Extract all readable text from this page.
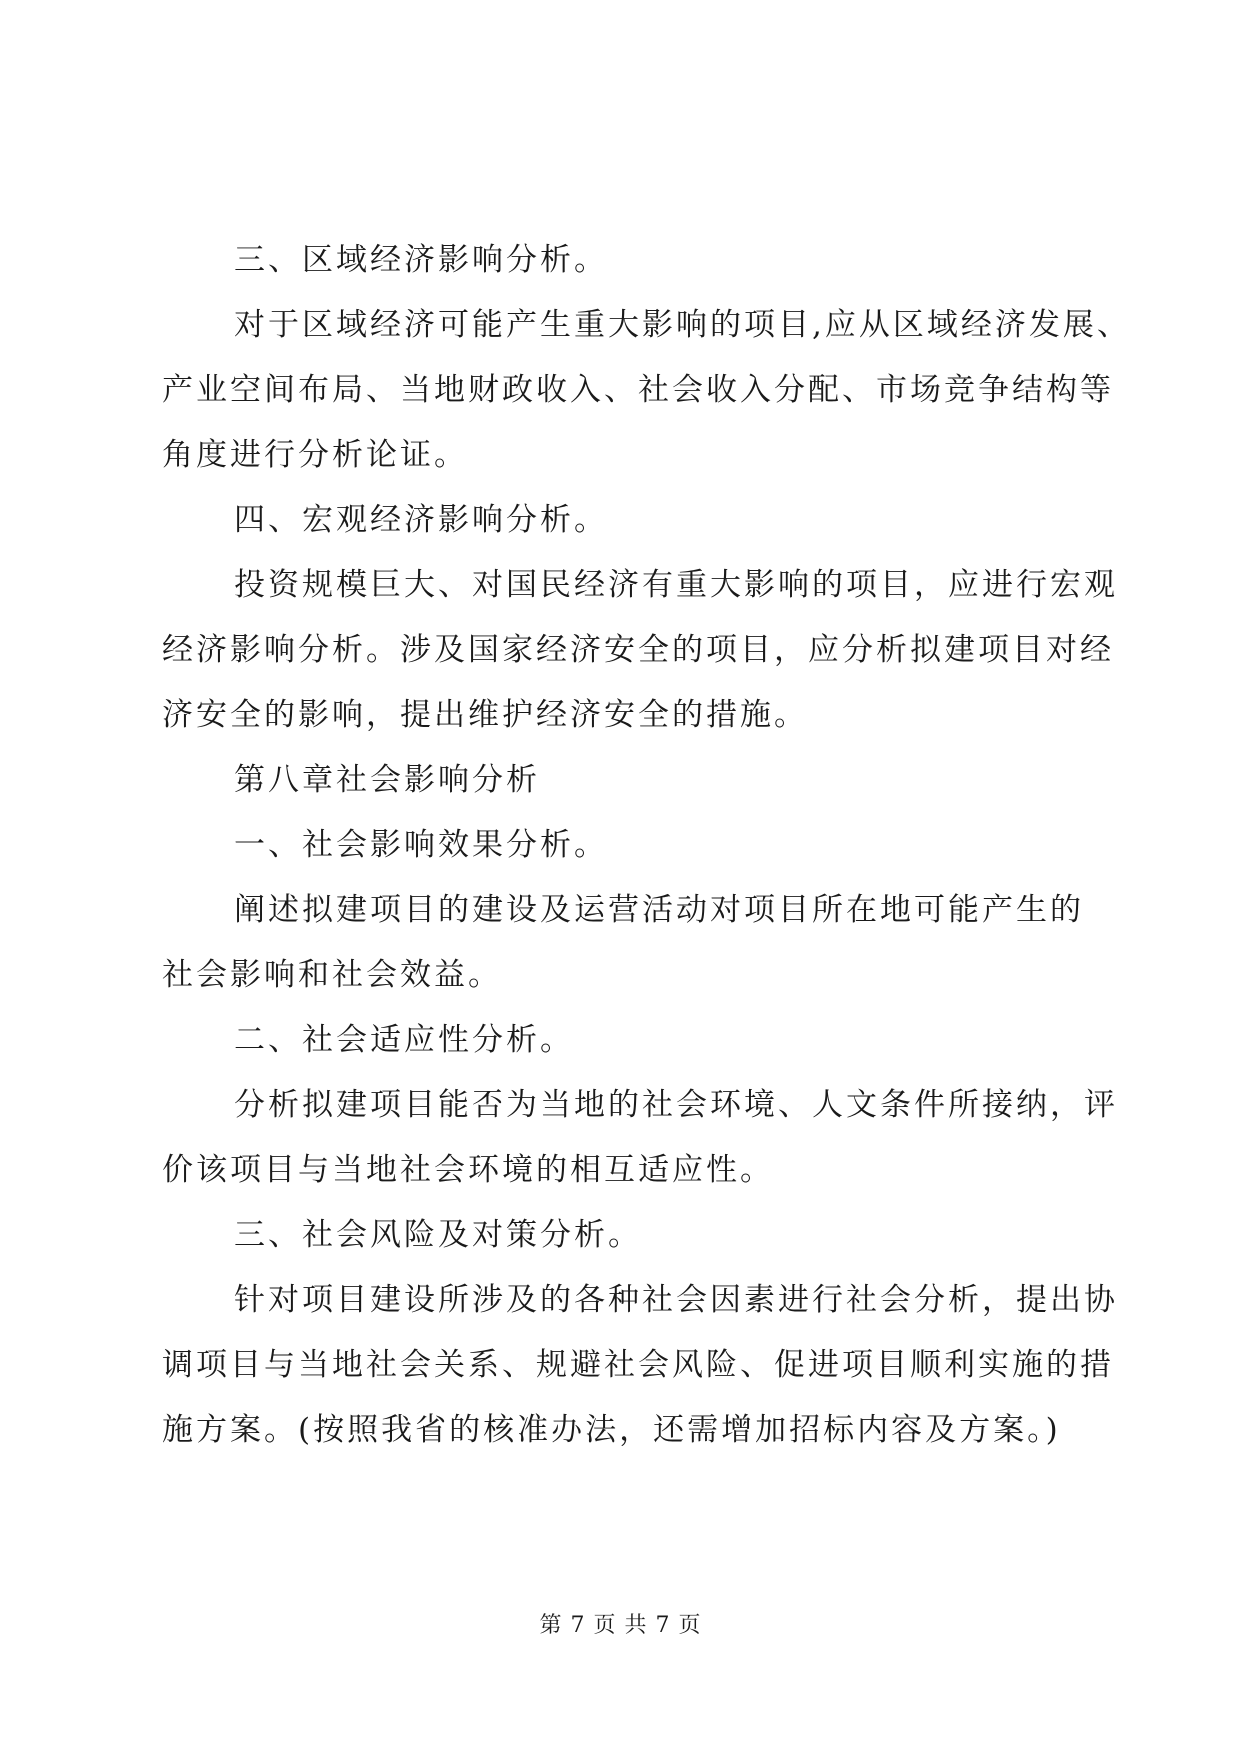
三、区域经济影响分析。

对于区域经济可能产生重大影响的项目,应从区域经济发展、
产业空间布局、当地财政收入、社会收入分配、市场竞争结构等
角度进行分析论证。

四、宏观经济影响分析。

投资规模巨大、对国民经济有重大影响的项目，应进行宏观
经济影响分析。涉及国家经济安全的项目，应分析拟建项目对经
济安全的影响，提出维护经济安全的措施。

第八章社会影响分析

一、社会影响效果分析。

阐述拟建项目的建设及运营活动对项目所在地可能产生的
社会影响和社会效益。

二、社会适应性分析。

分析拟建项目能否为当地的社会环境、人文条件所接纳，评
价该项目与当地社会环境的相互适应性。

三、社会风险及对策分析。

针对项目建设所涉及的各种社会因素进行社会分析，提出协
调项目与当地社会关系、规避社会风险、促进项目顺利实施的措
施方案。(按照我省的核准办法，还需增加招标内容及方案。)

第 7 页 共 7 页
